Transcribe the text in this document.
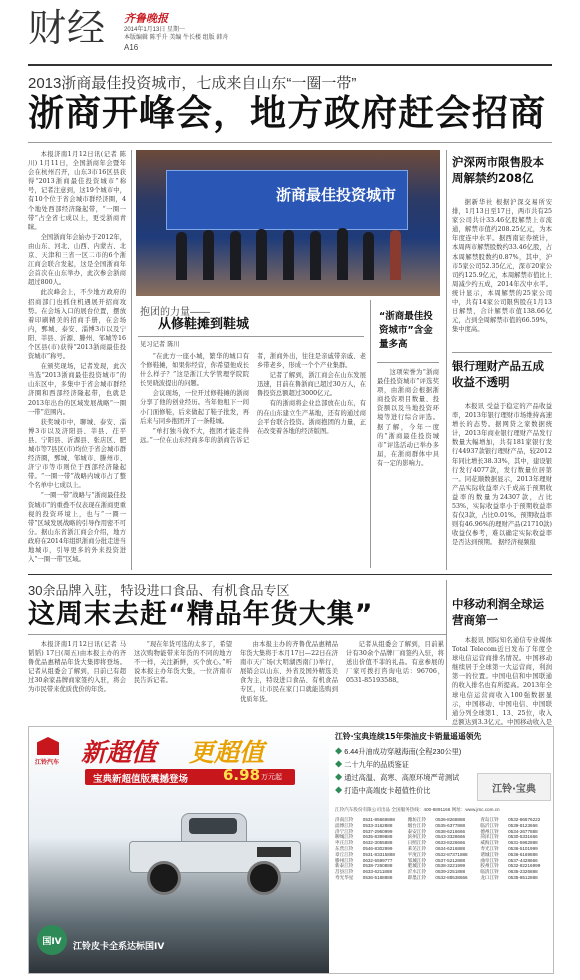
财经 齐鲁晚报
2014年1月13日 星期一
本版编辑 陈乎升 美编 牛长楼 组版 韩舟
A16
2013浙商最佳投资城市，七成来自山东“一圈一带”
浙商开峰会，地方政府赶会招商

本报济南1月12日讯(记者 陈川) 1月11日，全国浙商年会暨年会在杭州召开，山东3市16区县获得“2013浙商最佳投资城市”称号，记者注意到，这19个城市中，有10个位于省会城市群经济圈，4个地处西部经济隆起带，“一圈一带”占全省七成以上，更受浙商青睐。

全国浙商年会始办于2012年，由山东、河北、山西、内蒙古、北京、天津和三省一区二市的6个浙江商会联合发起，这是全国浙商年会首次在山东举办，此次参会浙商超过800人。

此次峰会上，不少地方政府的招商部门也抓住机遇展开招商攻势。在会场入口的展台位置，摆放着印刷精美的招商手册，在会场内，鄄城、泰安、淄博3市以及宁阳、莘县、沂源、滕州、邹城等16个区县(市)获得“2013浙商最佳投资城市”称号。

在颁奖现场，记者发现，此次当选“2013浙商最佳投资城市”的山东区中，多集中于省会城市群经济圈和西部经济隆起带，也就是2013年出台的区域发展战略“一圈一带”范围内。

获奖城市中，聊城、泰安、淄博3市以及济阳县、莘县、茌平县、宁阳县、沂源县、张店区、肥城市等7县区(市)均位于省会城市群经济圈，鄄城、邹城市、滕州市、济宁市等市则位于西部经济隆起带。“一圈一带”战略内城市占了整个名单中七成以上。

“一圈一带”战略与“浙商最佳投资城市”的重叠不仅表现在浙商更重视的投资环境上，也与“一圈一带”区域发展战略的引导作用密不可分。据山东省浙江商会介绍，地方政府在2014年组织浙商分批走进当地城市，引导更多的外来投资进入“一圈一带”区域。

浙商最佳投资城市
抱团的力量——
从修鞋摊到鞋城
见习记者 陈川

“在此方一座小城，繁华的城口有个修鞋摊，如果你经营，你希望他成长什么样子？”这是浙江大学管理学院院长吴晓波提出的问题。

会议现场，一位开过修鞋摊的浙商分享了他的创业经历。当年他租下一间小门面修鞋，后来做起了鞋子批发，再后来与同乡抱团开了一条鞋城。

“单打独斗做不大，抱团才能走得远。”一位在山东经商多年的浙商告诉记者，浙商外出，往往是亲戚带亲戚、老乡带老乡，形成一个个产业集群。

记者了解到，浙江商会在山东发展迅速，目前在鲁浙商已超过30万人，在鲁投资总额超过3000亿元。

有的浙商将企业总部放在山东，有的在山东建立生产基地，还有的通过商会平台联合投资。浙商抱团的力量，正在改变着各地的经济版图。

“浙商最佳投资城市”含金量多高
这项荣誉为“浙商最佳投资城市”评选奖项，由浙商会根据浙商投资项目数量、投资额以及当地投资环境等进行综合评选。据了解，今年一度的“浙商最佳投资城市”评选活动已举办多届，在浙商群体中具有一定的影响力。
沪深两市限售股本周解禁约208亿
据新华社 根据沪深交易所安排，1月13日至17日，两市共有25家公司共计33.46亿股解禁上市流通，解禁市值约208.25亿元，为本年度连中水平。据西南证券统计，本周两市解禁股数约33.46亿股，占本周解禁股数约0.87%，其中，沪市5家公司52.35亿元，深市20家公司约125.9亿元，本周解禁市值比上周减少约五成，2014年次中水平。统计显示，本周解禁的25家公司中，共有14家公司限售股在1月13日解禁，合计解禁市值138.66亿元，占到全周解禁市值的66.59%，集中度高。
银行理财产品五成收益不透明
本报讯 受益于稳定的产品收益率，2013年银行理财市场维持高速增长的态势。据网贷之家数据统计，2013年商业银行理财产品发行数量大幅增加，共有181家银行发行44937款银行理财产品，较2012年同比增长38.33%，其中，建设银行发行4077款，发行数量位居第一。同花顺数据显示，2013年理财产品实际收益率六千成高于预期收益率的数量为24307款，占比53%，实际收益率小于预期收益率有仅3款，占比0.01%。预期收益率则有46.96%的理财产品(21710款)收益仅参考，难以确定实际收益率是否达到预期。 据经济视频报
30余品牌入驻，特设进口食品、有机食品专区
这周末去赶“精品年货大集”

本报济南1月12日讯(记者 马韬韬) 17日(周五)由本报主办的齐鲁优品惠精品年货大集即将登场。记者从组委会了解到，目前已有超过30余家品牌商家签约入驻，将会为市民带来优质优价的年货。

“现在年货可选的太多了，希望这次购物能带来年货的不同的地方不一样，关注新鲜，买个放心。”听说本报主办年货大集，一位济南市民告诉记者。

由本报主办的齐鲁优品惠精品年货大集将于本月17日—22日在济南市天广场(大明湖西南门)举行，展销会以山东、外省及国外精选美食为主，特设进口食品、有机食品专区，让市民在家门口就能选购到优质年货。

记者从组委会了解到，目前累计有30余个品牌厂商签约入驻，将送出价值不菲的礼品。有意参展的厂家可拨打咨询电话：96706，0531-85193588。

中移动利润全球运营商第一
本报讯 国际知名通信专业媒体Total Telecom近日发布了年度全球电信运营商排名情况。中国移动继续居于全球第一大运营商，利润第一的位置。中国电信和中国联通的收入排名也有所提高。2013年全球电信运营商收入100强数据显示，中国移动、中国电信、中国联通分列全球第1、13、25位，收入总额达到3.3亿元。中国移动收入是
江铃汽车 新超值 更超值
宝典新超值版震撼登场 6.98 万元起
国IV
江铃皮卡全系达标国IV
江铃·宝典连续15年柴油皮卡销量遥遥领先
◆ 6.44升油成功穿越海南(全程230公里)
◆ 二十九年的品质鉴证
◆ 通过高温、高寒、高原环境严苛测试
◆ 打造中高端皮卡超值性价比	江铃·宝典
江铃汽车股份有限公司出品 全国服务热线：400-8891166 网址：www.jmc.com.cn
济南江铃	0531-85669888	潍坊江铃	0536-8268888	青岛江铃	0532-86676222
淄博江铃	0533-3162888	烟台江铃	0535-6377888	临沂江铃	0539-8123666
济宁江铃	0537-2960999	泰安江铃	0538-6216666	德州江铃	0534-2677888
聊城江铃	0635-8399888	滨州江铃	0543-3328666	菏泽江铃	0530-5331666
枣庄江铃	0632-3055888	日照江铃	0633-8226666	威海江铃	0631-5962888
东营江铃	0546-8302999	莱芜江铃	0634-6216888	寿光江铃	0536-5101999
章丘江铃	0531-83315888	平度江铃	0532-87371888	诸城江铃	0536-6169888
滕州江铃	0632-5599777	邹城江铃	0537-5212888	曲阜江铃	0537-4428666
新泰江铃	0538-7260888	肥城江铃	0538-3221999	胶州江铃	0532-82216999
莒县江铃	0633-6211888	沂水江铃	0539-2251888	临清江铃	0635-2326888
寿光华星	0536-5188888	即墨江铃	0532-88538666	龙口江铃	0535-8512888
